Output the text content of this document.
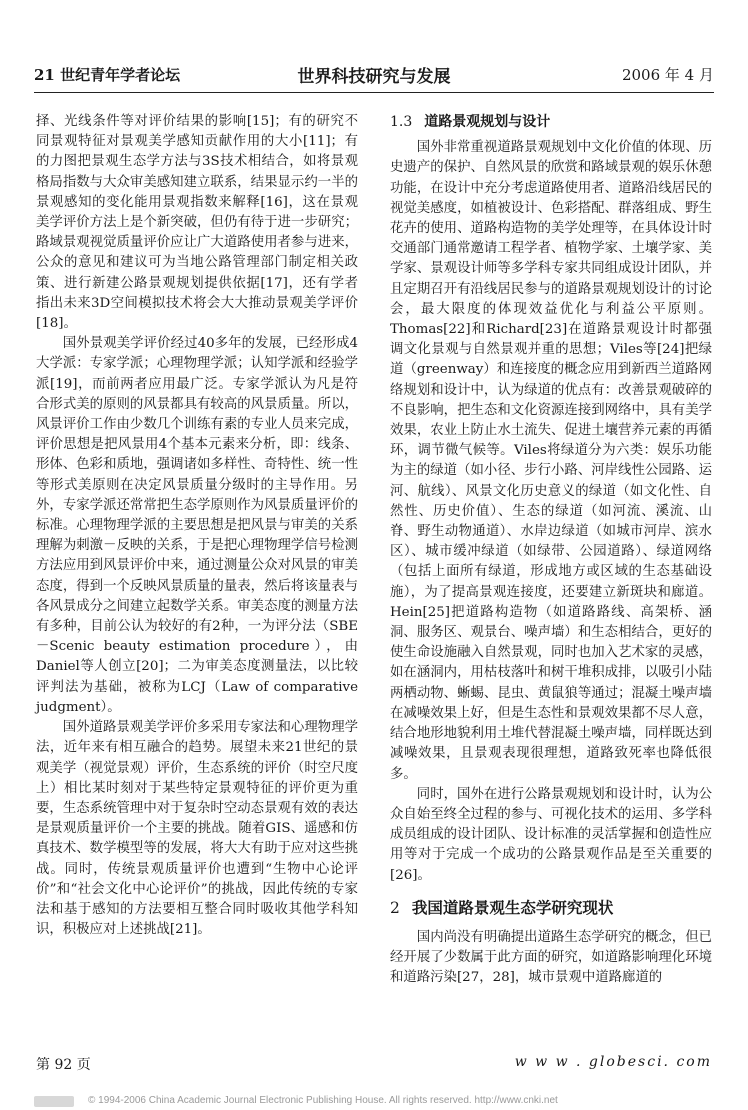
21 世纪青年学者论坛	世界科技研究与发展	2006 年 4 月

择、光线条件等对评价结果的影响[15]；有的研究不同景观特征对景观美学感知贡献作用的大小[11]；有的力图把景观生态学方法与3S技术相结合，如将景观格局指数与大众审美感知建立联系，结果显示约一半的景观感知的变化能用景观指数来解释[16]，这在景观美学评价方法上是个新突破，但仍有待于进一步研究；路域景观视觉质量评价应让广大道路使用者参与进来，公众的意见和建议可为当地公路管理部门制定相关政策、进行新建公路景观规划提供依据[17]，还有学者指出未来3D空间模拟技术将会大大推动景观美学评价[18]。

国外景观美学评价经过40多年的发展，已经形成4大学派：专家学派；心理物理学派；认知学派和经验学派[19]，而前两者应用最广泛。专家学派认为凡是符合形式美的原则的风景都具有较高的风景质量。所以，风景评价工作由少数几个训练有素的专业人员来完成，评价思想是把风景用4个基本元素来分析，即：线条、形体、色彩和质地，强调诸如多样性、奇特性、统一性等形式美原则在决定风景质量分级时的主导作用。另外，专家学派还常常把生态学原则作为风景质量评价的标准。心理物理学派的主要思想是把风景与审美的关系理解为刺激－反映的关系，于是把心理物理学信号检测方法应用到风景评价中来，通过测量公众对风景的审美态度，得到一个反映风景质量的量表，然后将该量表与各风景成分之间建立起数学关系。审美态度的测量方法有多种，目前公认为较好的有2种，一为评分法（SBE－Scenic beauty estimation procedure），由Daniel等人创立[20]；二为审美态度测量法，以比较评判法为基础，被称为LCJ（Law of comparative judgment）。

国外道路景观美学评价多采用专家法和心理物理学法，近年来有相互融合的趋势。展望未来21世纪的景观美学（视觉景观）评价，生态系统的评价（时空尺度上）相比某时刻对于某些特定景观特征的评价更为重要，生态系统管理中对于复杂时空动态景观有效的表达是景观质量评价一个主要的挑战。随着GIS、遥感和仿真技术、数学模型等的发展，将大大有助于应对这些挑战。同时，传统景观质量评价也遭到“生物中心论评价”和“社会文化中心论评价”的挑战，因此传统的专家法和基于感知的方法要相互整合同时吸收其他学科知识，积极应对上述挑战[21]。

1.3 道路景观规划与设计

国外非常重视道路景观规划中文化价值的体现、历史遗产的保护、自然风景的欣赏和路域景观的娱乐休憩功能，在设计中充分考虑道路使用者、道路沿线居民的视觉美感度，如植被设计、色彩搭配、群落组成、野生花卉的使用、道路构造物的美学处理等，在具体设计时交通部门通常邀请工程学者、植物学家、土壤学家、美学家、景观设计师等多学科专家共同组成设计团队，并且定期召开有沿线居民参与的道路景观规划设计的讨论会，最大限度的体现效益优化与利益公平原则。Thomas[22]和Richard[23]在道路景观设计时都强调文化景观与自然景观并重的思想；Viles等[24]把绿道（greenway）和连接度的概念应用到新西兰道路网络规划和设计中，认为绿道的优点有：改善景观破碎的不良影响，把生态和文化资源连接到网络中，具有美学效果，农业上防止水土流失、促进土壤营养元素的再循环，调节微气候等。Viles将绿道分为六类：娱乐功能为主的绿道（如小径、步行小路、河岸线性公园路、运河、航线）、风景文化历史意义的绿道（如文化性、自然性、历史价值）、生态的绿道（如河流、溪流、山脊、野生动物通道）、水岸边绿道（如城市河岸、滨水区）、城市缓冲绿道（如绿带、公园道路）、绿道网络（包括上面所有绿道，形成地方或区域的生态基础设施），为了提高景观连接度，还要建立新斑块和廊道。Hein[25]把道路构造物（如道路路线、高架桥、涵洞、服务区、观景台、噪声墙）和生态相结合，更好的使生命设施融入自然景观，同时也加入艺术家的灵感，如在涵洞内，用枯枝落叶和树干堆积成排，以吸引小陆两栖动物、蜥蜴、昆虫、黄鼠狼等通过；混凝土噪声墙在减噪效果上好，但是生态性和景观效果都不尽人意，结合地形地貌利用土堆代替混凝土噪声墙，同样既达到减噪效果，且景观表现很理想，道路致死率也降低很多。

同时，国外在进行公路景观规划和设计时，认为公众自始至终全过程的参与、可视化技术的运用、多学科成员组成的设计团队、设计标准的灵活掌握和创造性应用等对于完成一个成功的公路景观作品是至关重要的[26]。

2 我国道路景观生态学研究现状

国内尚没有明确提出道路生态学研究的概念，但已经开展了少数属于此方面的研究，如道路影响理化环境和道路污染[27，28]，城市景观中道路廊道的

第 92 页	w w w . globesci. com
© 1994-2006 China Academic Journal Electronic Publishing House. All rights reserved. http://www.cnki.net
